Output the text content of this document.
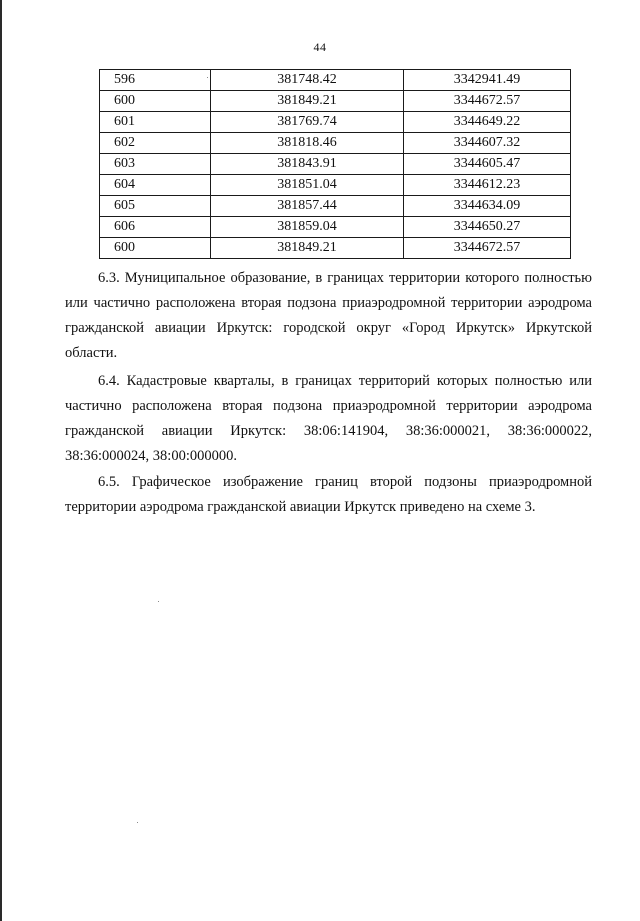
44
596	381748.42	3342941.49
600	381849.21	3344672.57
601	381769.74	3344649.22
602	381818.46	3344607.32
603	381843.91	3344605.47
604	381851.04	3344612.23
605	381857.44	3344634.09
606	381859.04	3344650.27
600	381849.21	3344672.57

6.3. Муниципальное образование, в границах территории которого полностью или частично расположена вторая подзона приаэродромной территории аэродрома гражданской авиации Иркутск: городской округ «Город Иркутск» Иркутской области.

6.4. Кадастровые кварталы, в границах территорий которых полностью или частично расположена вторая подзона приаэродромной территории аэродрома гражданской авиации Иркутск: 38:06:141904, 38:36:000021, 38:36:000022, 38:36:000024, 38:00:000000.

6.5. Графическое изображение границ второй подзоны приаэродромной территории аэродрома гражданской авиации Иркутск приведено на схеме 3.
